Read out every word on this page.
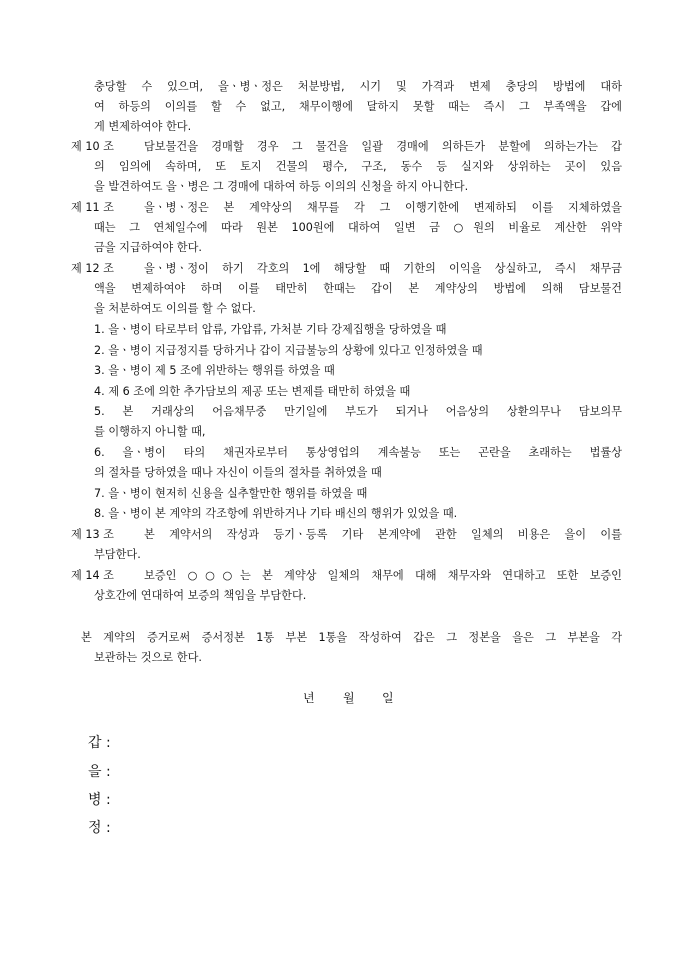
충당할 수 있으며, 을ㆍ병ㆍ정은 처분방법, 시기 및 가격과 변제 충당의 방법에 대하
여 하등의 이의를 할 수 없고, 채무이행에 달하지 못할 때는 즉시 그 부족액을 갑에
게 변제하여야 한다.
제 10 조	담보물건을 경매할 경우 그 물건을 일괄 경매에 의하든가 분할에 의하는가는 갑
의 임의에 속하며, 또 토지 건물의 평수, 구조, 동수 등 실지와 상위하는 곳이 있음
을 발견하여도 을ㆍ병은 그 경매에 대하여 하등 이의의 신청을 하지 아니한다.
제 11 조	을ㆍ병ㆍ정은 본 계약상의 채무를 각 그 이행기한에 변제하되 이를 지체하였을
때는 그 연체일수에 따라 원본 100원에 대하여 일변 금 ○원의 비율로 계산한 위약
금을 지급하여야 한다.
제 12 조	을ㆍ병ㆍ정이 하기 각호의 1에 해당할 때 기한의 이익을 상실하고, 즉시 채무금
액을 변제하여야 하며 이를 태만히 한때는 갑이 본 계약상의 방법에 의해 담보물건
을 처분하여도 이의를 할 수 없다.
1. 을ㆍ병이 타로부터 압류, 가압류, 가처분 기타 강제집행을 당하였을 때
2. 을ㆍ병이 지급정지를 당하거나 갑이 지급불능의 상황에 있다고 인정하였을 때
3. 을ㆍ병이 제 5 조에 위반하는 행위를 하였을 때
4. 제 6 조에 의한 추가담보의 제공 또는 변제를 태만히 하였을 때
5. 본 거래상의 어음채무중 만기일에 부도가 되거나 어음상의 상환의무나 담보의무
를 이행하지 아니할 때,
6. 을ㆍ병이 타의 채권자로부터 통상영업의 계속불능 또는 곤란을 초래하는 법률상
의 절차를 당하였을 때나 자신이 이들의 절차를 취하였을 때
7. 을ㆍ병이 현저히 신용을 실추할만한 행위를 하였을 때
8. 을ㆍ병이 본 계약의 각조항에 위반하거나 기타 배신의 행위가 있었을 때.
제 13 조	본 계약서의 작성과 등기ㆍ등록 기타 본계약에 관한 일체의 비용은 을이 이를
부담한다.
제 14 조	보증인 ○○○는 본 계약상 일체의 채무에 대해 채무자와 연대하고 또한 보증인
상호간에 연대하여 보증의 책임을 부담한다.
본 계약의 증거로써 증서정본 1통 부본 1통을 작성하여 갑은 그 정본을 을은 그 부본을 각
보관하는 것으로 한다.
년 월 일
갑 :
을 :
병 :
정 :
